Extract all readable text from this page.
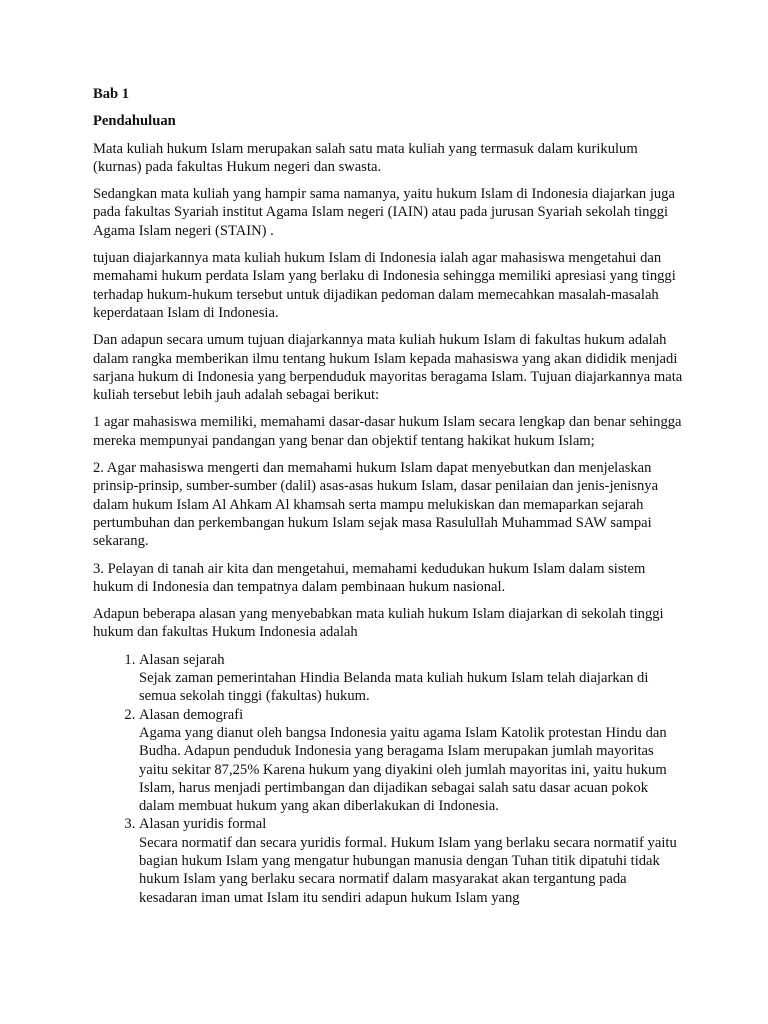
Bab 1
Pendahuluan

Mata kuliah hukum Islam merupakan salah satu mata kuliah yang termasuk dalam kurikulum (kurnas) pada fakultas Hukum negeri dan swasta.

Sedangkan mata kuliah yang hampir sama namanya, yaitu hukum Islam di Indonesia diajarkan juga pada fakultas Syariah institut Agama Islam negeri (IAIN) atau pada jurusan Syariah sekolah tinggi Agama Islam negeri (STAIN) .

tujuan diajarkannya mata kuliah hukum Islam di Indonesia ialah agar mahasiswa mengetahui dan memahami hukum perdata Islam yang berlaku di Indonesia sehingga memiliki apresiasi yang tinggi terhadap hukum-hukum tersebut untuk dijadikan pedoman dalam memecahkan masalah-masalah keperdataan Islam di Indonesia.

Dan adapun secara umum tujuan diajarkannya mata kuliah hukum Islam di fakultas hukum adalah dalam rangka memberikan ilmu tentang hukum Islam kepada mahasiswa yang akan dididik menjadi sarjana hukum di Indonesia yang berpenduduk mayoritas beragama Islam. Tujuan diajarkannya mata kuliah tersebut lebih jauh adalah sebagai berikut:

1 agar mahasiswa memiliki, memahami dasar-dasar hukum Islam secara lengkap dan benar sehingga mereka mempunyai pandangan yang benar dan objektif tentang hakikat hukum Islam;

2. Agar mahasiswa mengerti dan memahami hukum Islam dapat menyebutkan dan menjelaskan prinsip-prinsip, sumber-sumber (dalil) asas-asas hukum Islam, dasar penilaian dan jenis-jenisnya dalam hukum Islam Al Ahkam Al khamsah serta mampu melukiskan dan memaparkan sejarah pertumbuhan dan perkembangan hukum Islam sejak masa Rasulullah Muhammad SAW sampai sekarang.

3. Pelayan di tanah air kita dan mengetahui, memahami kedudukan hukum Islam dalam sistem hukum di Indonesia dan tempatnya dalam pembinaan hukum nasional.

Adapun beberapa alasan yang menyebabkan mata kuliah hukum Islam diajarkan di sekolah tinggi hukum dan fakultas Hukum Indonesia adalah

1. Alasan sejarah
Sejak zaman pemerintahan Hindia Belanda mata kuliah hukum Islam telah diajarkan di semua sekolah tinggi (fakultas) hukum.
2. Alasan demografi
Agama yang dianut oleh bangsa Indonesia yaitu agama Islam Katolik protestan Hindu dan Budha. Adapun penduduk Indonesia yang beragama Islam merupakan jumlah mayoritas yaitu sekitar 87,25% Karena hukum yang diyakini oleh jumlah mayoritas ini, yaitu hukum Islam, harus menjadi pertimbangan dan dijadikan sebagai salah satu dasar acuan pokok dalam membuat hukum yang akan diberlakukan di Indonesia.
3. Alasan yuridis formal
Secara normatif dan secara yuridis formal. Hukum Islam yang berlaku secara normatif yaitu bagian hukum Islam yang mengatur hubungan manusia dengan Tuhan titik dipatuhi tidak hukum Islam yang berlaku secara normatif dalam masyarakat akan tergantung pada kesadaran iman umat Islam itu sendiri adapun hukum Islam yang
